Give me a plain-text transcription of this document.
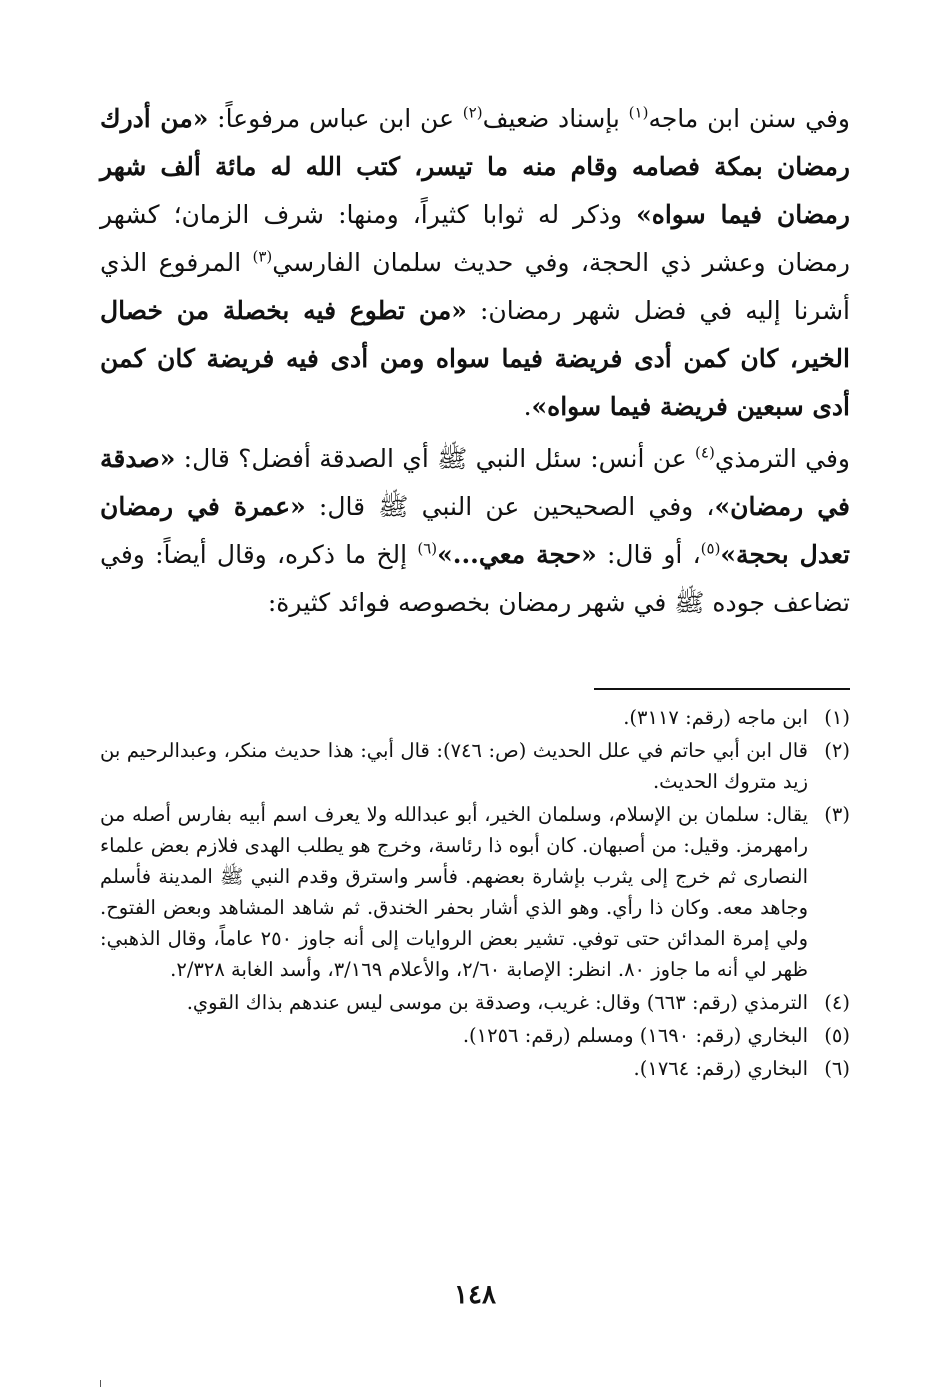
وفي سنن ابن ماجه$^{(١)}$ بإسناد ضعيف$^{(٢)}$ عن ابن عباس مرفوعاً: «من أدرك رمضان بمكة فصامه وقام منه ما تيسر، كتب الله له مائة ألف شهر رمضان فيما سواه» وذكر له ثوابا كثيراً، ومنها: شرف الزمان؛ كشهر رمضان وعشر ذي الحجة، وفي حديث سلمان الفارسي$^{(٣)}$ المرفوع الذي أشرنا إليه في فضل شهر رمضان: «من تطوع فيه بخصلة من خصال الخير، كان كمن أدى فريضة فيما سواه ومن أدى فيه فريضة كان كمن أدى سبعين فريضة فيما سواه».
وفي الترمذي$^{(٤)}$ عن أنس: سئل النبي ﷺ أي الصدقة أفضل؟ قال: «صدقة في رمضان»، وفي الصحيحين عن النبي ﷺ قال: «عمرة في رمضان تعدل بحجة»$^{(٥)}$، أو قال: «حجة معي...»$^{(٦)}$ إلخ ما ذكره، وقال أيضاً: وفي تضاعف جوده ﷺ في شهر رمضان بخصوصه فوائد كثيرة:

(١)
ابن ماجه (رقم: ٣١١٧).
(٢)
قال ابن أبي حاتم في علل الحديث (ص: ٧٤٦): قال أبي: هذا حديث منكر، وعبدالرحيم بن زيد متروك الحديث.
(٣)
يقال: سلمان بن الإسلام، وسلمان الخير، أبو عبدالله ولا يعرف اسم أبيه بفارس أصله من رامهرمز. وقيل: من أصبهان. كان أبوه ذا رئاسة، وخرج هو يطلب الهدى فلازم بعض علماء النصارى ثم خرج إلى يثرب بإشارة بعضهم. فأسر واسترق وقدم النبي ﷺ المدينة فأسلم وجاهد معه. وكان ذا رأي. وهو الذي أشار بحفر الخندق. ثم شاهد المشاهد وبعض الفتوح. ولي إمرة المدائن حتى توفي. تشير بعض الروايات إلى أنه جاوز ٢٥٠ عاماً، وقال الذهبي: ظهر لي أنه ما جاوز ٨٠. انظر: الإصابة ٢/٦٠، والأعلام ٣/١٦٩، وأسد الغابة ٢/٣٢٨.
(٤)
الترمذي (رقم: ٦٦٣) وقال: غريب، وصدقة بن موسى ليس عندهم بذاك القوي.
(٥)
البخاري (رقم: ١٦٩٠) ومسلم (رقم: ١٢٥٦).
(٦)
البخاري (رقم: ١٧٦٤).
١٤٨
